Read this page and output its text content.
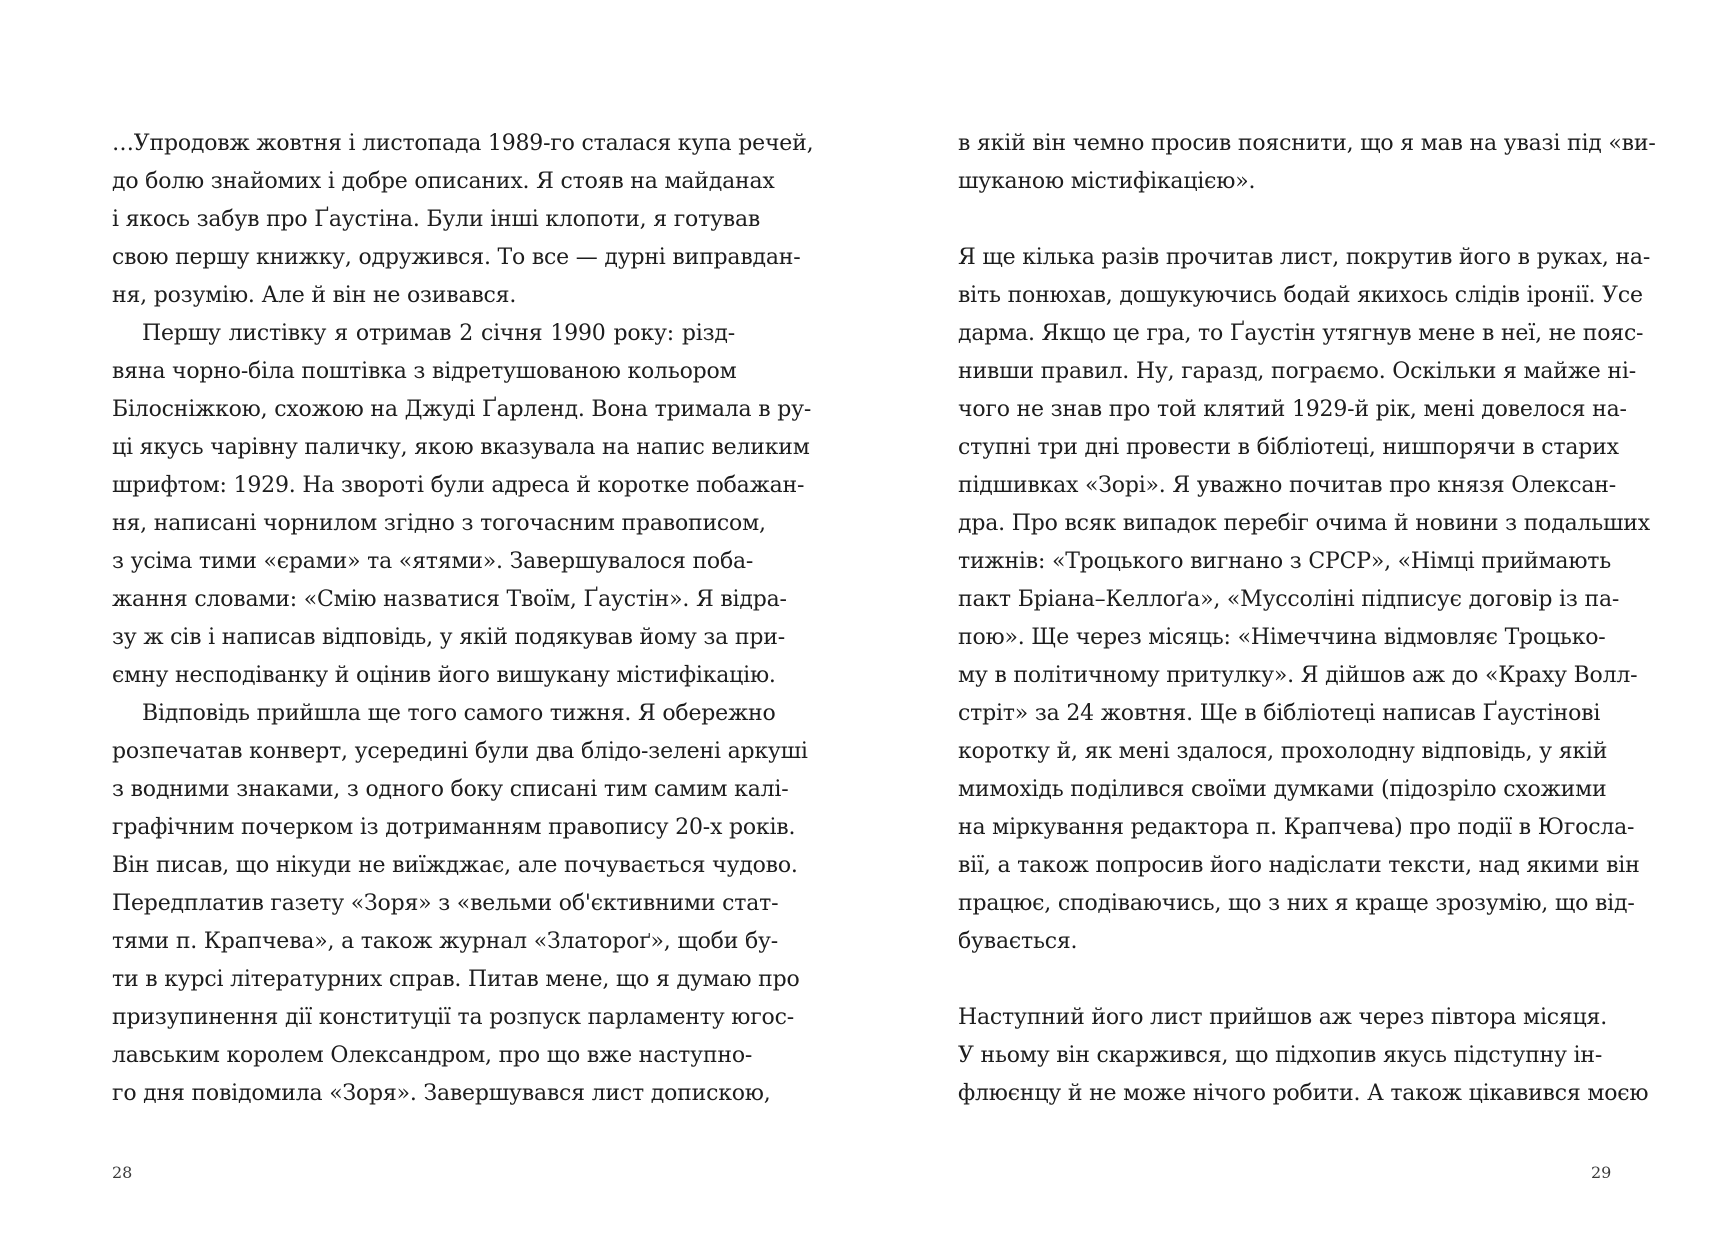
…Упродовж жовтня і листопада 1989-го сталася купа речей,
до болю знайомих і добре описаних. Я стояв на майданах
і якось забув про Ґаустіна. Були інші клопоти, я готував
свою першу книжку, одружився. То все — дурні виправдан-
ня, розумію. Але й він не озивався.
Першу листівку я отримав 2 січня 1990 року: різд-
вяна чорно-біла поштівка з відретушованою кольором
Білосніжкою, схожою на Джуді Ґарленд. Вона тримала в ру-
ці якусь чарівну паличку, якою вказувала на напис великим
шрифтом: 1929. На звороті були адреса й коротке побажан-
ня, написані чорнилом згідно з тогочасним правописом,
з усіма тими «єрами» та «ятями». Завершувалося поба-
жання словами: «Смію назватися Твоїм, Ґаустін». Я відра-
зу ж сів і написав відповідь, у якій подякував йому за при-
ємну несподіванку й оцінив його вишукану містифікацію.
Відповідь прийшла ще того самого тижня. Я обережно
розпечатав конверт, усередині були два блідо-зелені аркуші
з водними знаками, з одного боку списані тим самим калі-
графічним почерком із дотриманням правопису 20-х років.
Він писав, що нікуди не виїжджає, але почувається чудово.
Передплатив газету «Зоря» з «вельми об'єктивними стат-
тями п. Крапчева», а також журнал «Златороґ», щоби бу-
ти в курсі літературних справ. Питав мене, що я думаю про
призупинення дії конституції та розпуск парламенту югос-
лавським королем Олександром, про що вже наступно-
го дня повідомила «Зоря». Завершувався лист допискою,
28
в якій він чемно просив пояснити, що я мав на увазі під «ви-
шуканою містифікацією».
Я ще кілька разів прочитав лист, покрутив його в руках, на-
віть понюхав, дошукуючись бодай якихось слідів іронії. Усе
дарма. Якщо це гра, то Ґаустін утягнув мене в неї, не пояс-
нивши правил. Ну, гаразд, пограємо. Оскільки я майже ні-
чого не знав про той клятий 1929-й рік, мені довелося на-
ступні три дні провести в бібліотеці, нишпорячи в старих
підшивках «Зорі». Я уважно почитав про князя Олексан-
дра. Про всяк випадок перебіг очима й новини з подальших
тижнів: «Троцького вигнано з СРСР», «Німці приймають
пакт Бріана–Келлоґа», «Муссоліні підписує договір із па-
пою». Ще через місяць: «Німеччина відмовляє Троцько-
му в політичному притулку». Я дійшов аж до «Краху Волл-
стріт» за 24 жовтня. Ще в бібліотеці написав Ґаустінові
коротку й, як мені здалося, прохолодну відповідь, у якій
мимохідь поділився своїми думками (підозріло схожими
на міркування редактора п. Крапчева) про події в Югосла-
вії, а також попросив його надіслати тексти, над якими він
працює, сподіваючись, що з них я краще зрозумію, що від-
бувається.
Наступний його лист прийшов аж через півтора місяця.
У ньому він скаржився, що підхопив якусь підступну ін-
флюєнцу й не може нічого робити. А також цікавився моєю
29
